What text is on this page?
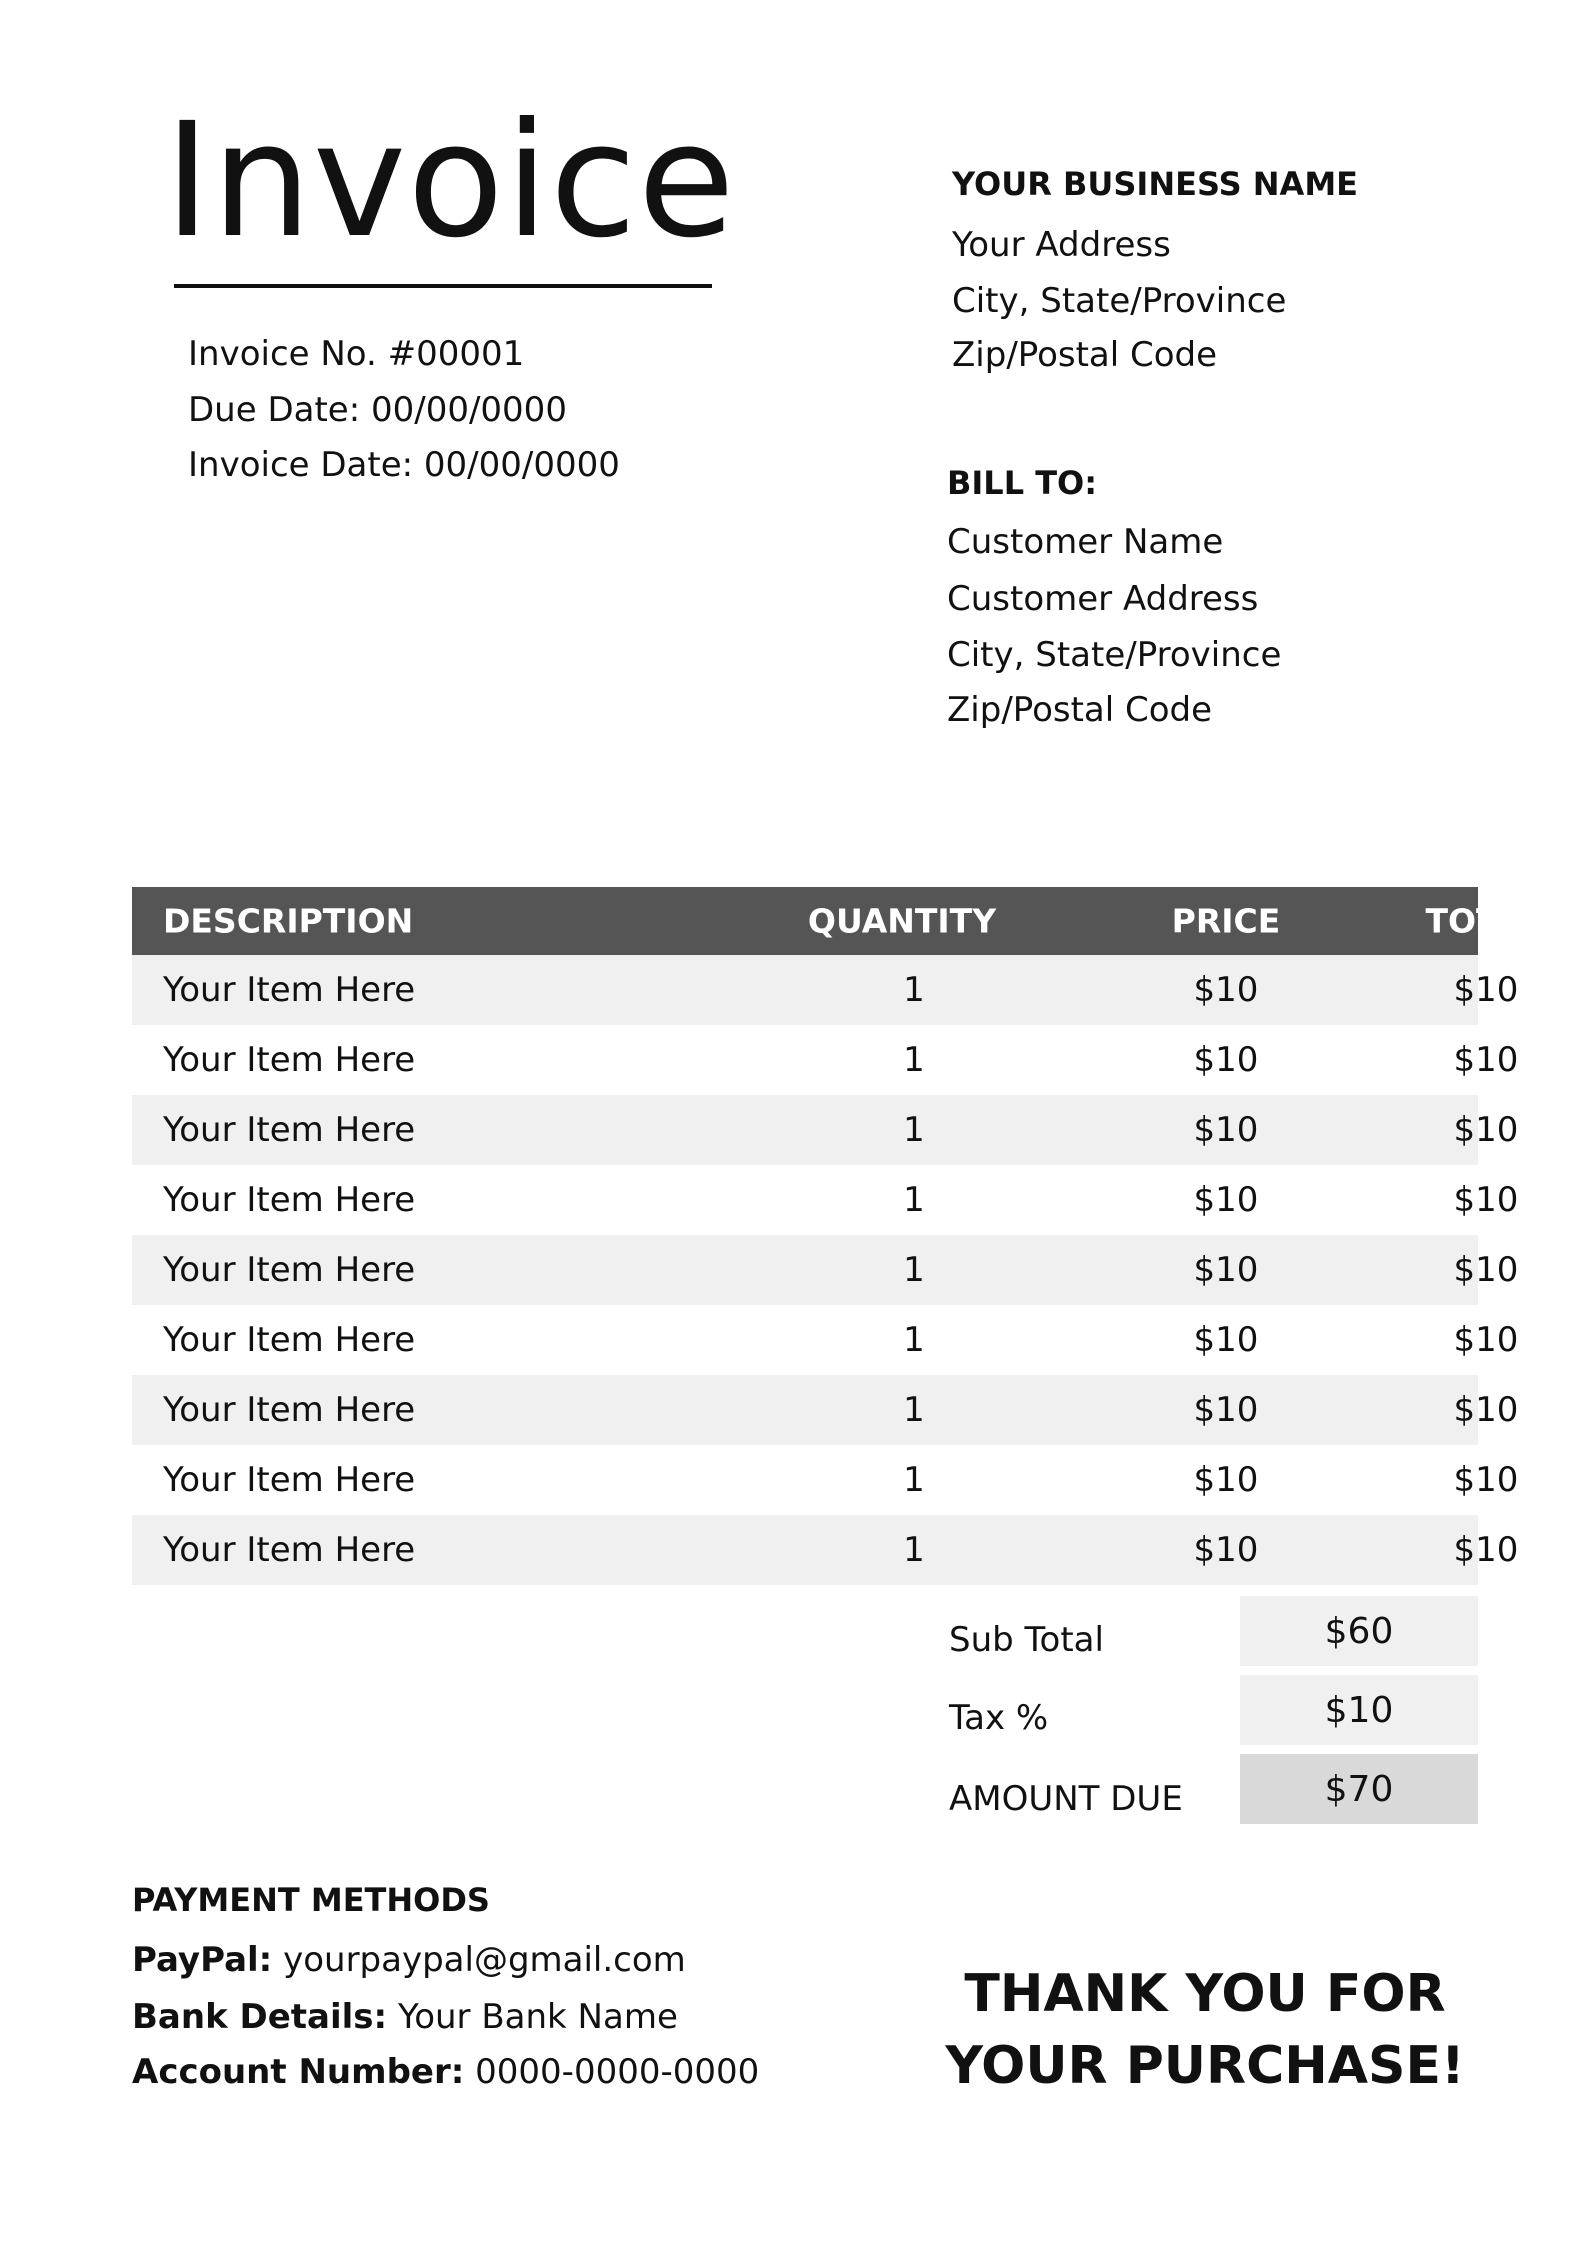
Invoice
Invoice No. #00001
Due Date: 00/00/0000
Invoice Date: 00/00/0000
YOUR BUSINESS NAME
Your Address
City, State/Province
Zip/Postal Code
BILL TO:
Customer Name
Customer Address
City, State/Province
Zip/Postal Code
DESCRIPTION	QUANTITY	PRICE	TOTAL
Your Item Here	1	$10	$10
Your Item Here	1	$10	$10
Your Item Here	1	$10	$10
Your Item Here	1	$10	$10
Your Item Here	1	$10	$10
Your Item Here	1	$10	$10
Your Item Here	1	$10	$10
Your Item Here	1	$10	$10
Your Item Here	1	$10	$10
Sub Total	$60
Tax %	$10
AMOUNT DUE	$70
PAYMENT METHODS
PayPal: yourpaypal@gmail.com
Bank Details: Your Bank Name
Account Number: 0000-0000-0000
THANK YOU FOR
YOUR PURCHASE!
